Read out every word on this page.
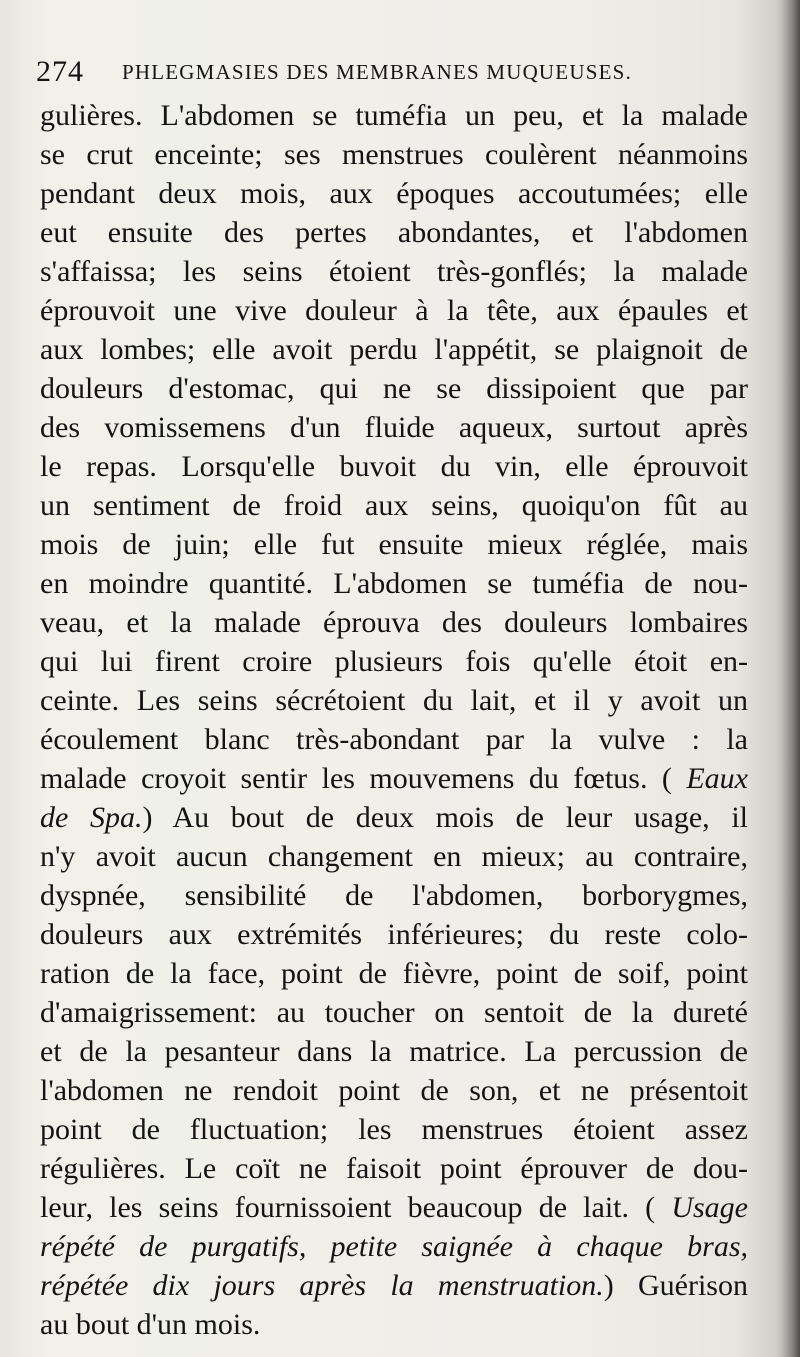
274 PHLEGMASIES DES MEMBRANES MUQUEUSES.
gulières. L'abdomen se tuméfia un peu, et la malade
se crut enceinte; ses menstrues coulèrent néanmoins
pendant deux mois, aux époques accoutumées; elle
eut ensuite des pertes abondantes, et l'abdomen
s'affaissa; les seins étoient très-gonflés; la malade
éprouvoit une vive douleur à la tête, aux épaules et
aux lombes; elle avoit perdu l'appétit, se plaignoit de
douleurs d'estomac, qui ne se dissipoient que par
des vomissemens d'un fluide aqueux, surtout après
le repas. Lorsqu'elle buvoit du vin, elle éprouvoit
un sentiment de froid aux seins, quoiqu'on fût au
mois de juin; elle fut ensuite mieux réglée, mais
en moindre quantité. L'abdomen se tuméfia de nou-
veau, et la malade éprouva des douleurs lombaires
qui lui firent croire plusieurs fois qu'elle étoit en-
ceinte. Les seins sécrétoient du lait, et il y avoit un
écoulement blanc très-abondant par la vulve : la
malade croyoit sentir les mouvemens du fœtus. ( Eaux
de Spa.) Au bout de deux mois de leur usage, il
n'y avoit aucun changement en mieux; au contraire,
dyspnée, sensibilité de l'abdomen, borborygmes,
douleurs aux extrémités inférieures; du reste colo-
ration de la face, point de fièvre, point de soif, point
d'amaigrissement: au toucher on sentoit de la dureté
et de la pesanteur dans la matrice. La percussion de
l'abdomen ne rendoit point de son, et ne présentoit
point de fluctuation; les menstrues étoient assez
régulières. Le coït ne faisoit point éprouver de dou-
leur, les seins fournissoient beaucoup de lait. ( Usage
répété de purgatifs, petite saignée à chaque bras,
répétée dix jours après la menstruation.) Guérison
au bout d'un mois.
